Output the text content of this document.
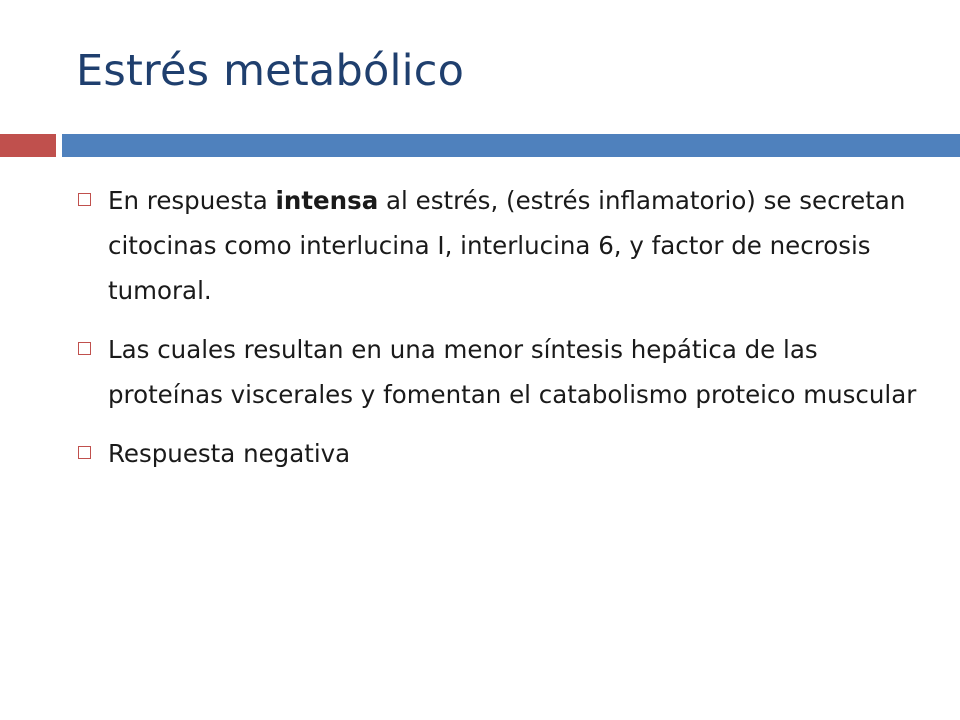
Estrés metabólico
En respuesta intensa al estrés, (estrés inflamatorio) se secretan citocinas como interlucina I, interlucina 6, y factor de necrosis tumoral.
Las cuales resultan en una menor síntesis hepática de las proteínas viscerales y fomentan el catabolismo proteico muscular
Respuesta negativa
